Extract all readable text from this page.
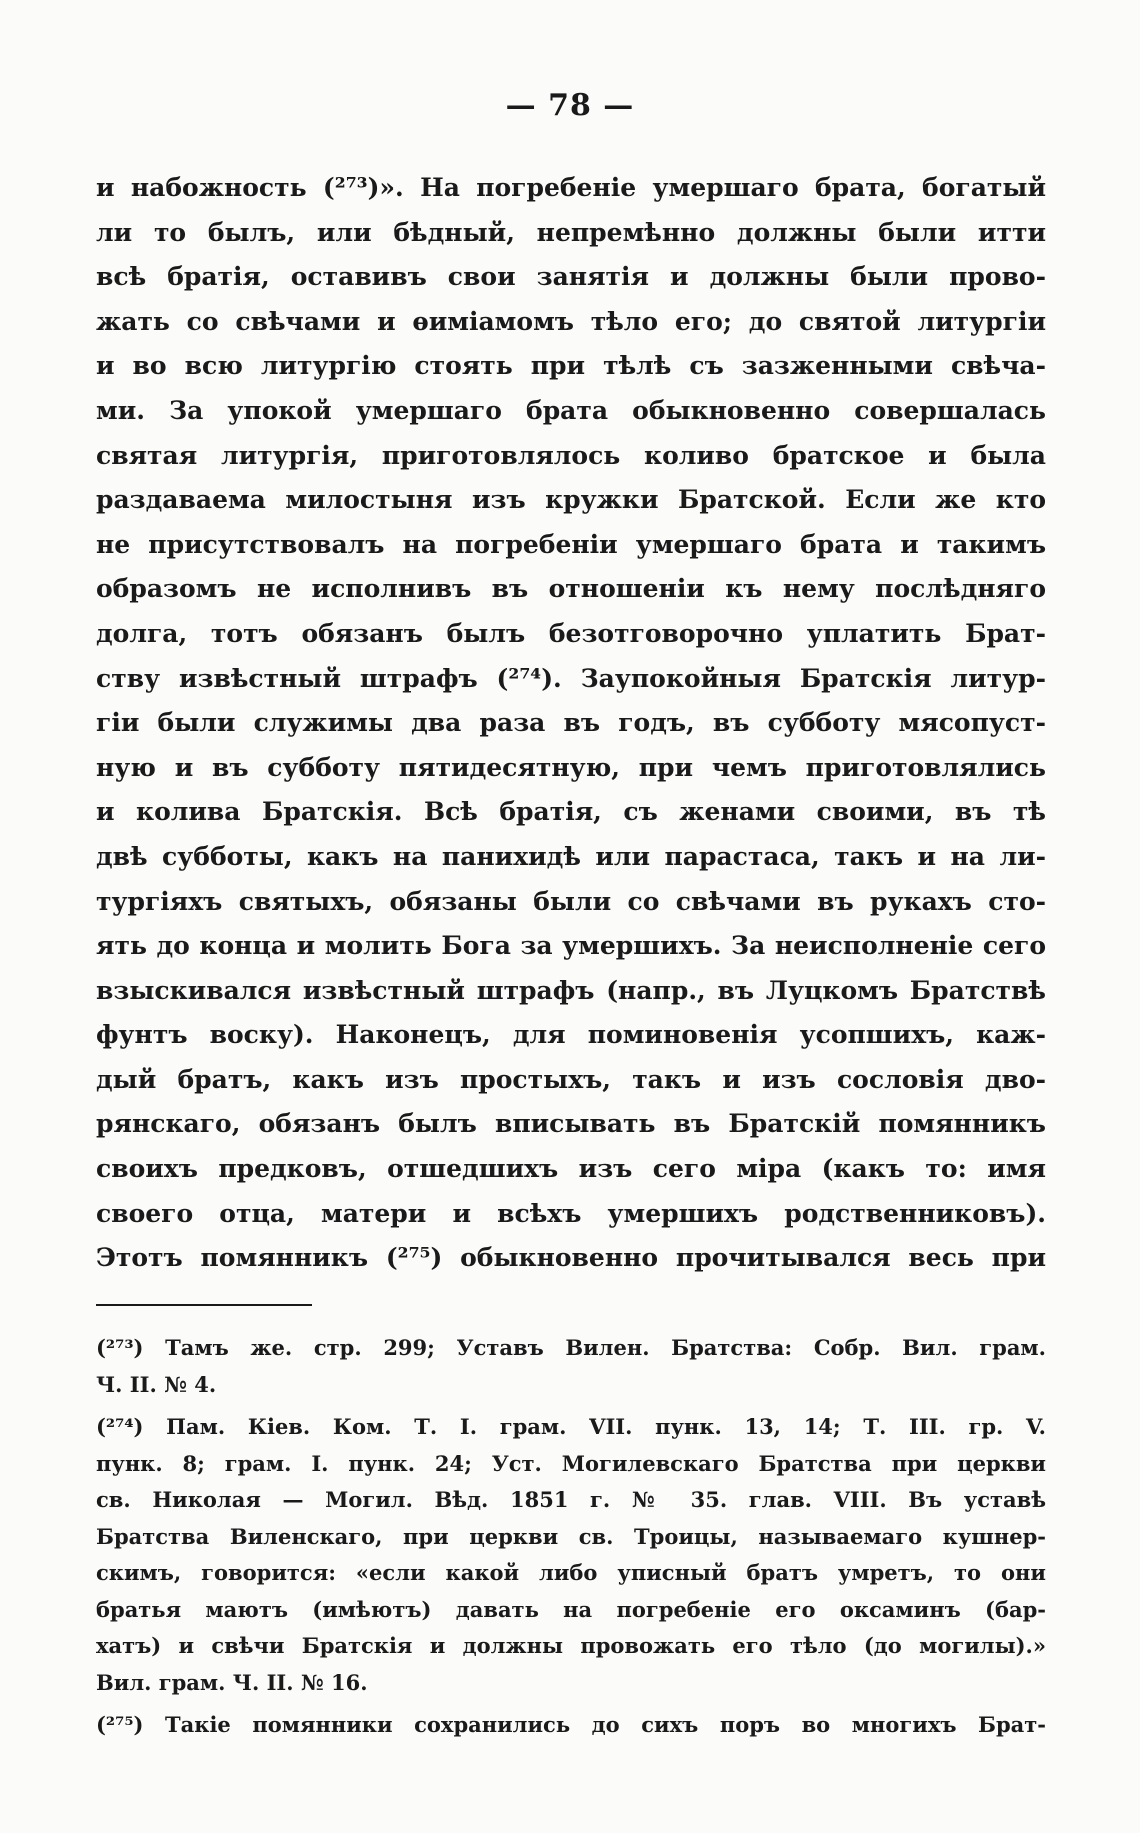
— 78 —
и набожность (²⁷³)». На погребеніе умершаго брата, богатый
ли то былъ, или бѣдный, непремѣнно должны были итти
всѣ братія, оставивъ свои занятія и должны были прово-
жать со свѣчами и ѳиміамомъ тѣло его; до святой литургіи
и во всю литургію стоять при тѣлѣ съ зазженными свѣча-
ми. За упокой умершаго брата обыкновенно совершалась
святая литургія, приготовлялось коливо братское и была
раздаваема милостыня изъ кружки Братской. Если же кто
не присутствовалъ на погребеніи умершаго брата и такимъ
образомъ не исполнивъ въ отношеніи къ нему послѣдняго
долга, тотъ обязанъ былъ безотговорочно уплатить Брат-
ству извѣстный штрафъ (²⁷⁴). Заупокойныя Братскія литур-
гіи были служимы два раза въ годъ, въ субботу мясопуст-
ную и въ субботу пятидесятную, при чемъ приготовлялись
и колива Братскія. Всѣ братія, съ женами своими, въ тѣ
двѣ субботы, какъ на панихидѣ или парастаса, такъ и на ли-
тургіяхъ святыхъ, обязаны были со свѣчами въ рукахъ сто-
ять до конца и молить Бога за умершихъ. За неисполненіе сего
взыскивался извѣстный штрафъ (напр., въ Луцкомъ Братствѣ
фунтъ воску). Наконецъ, для поминовенія усопшихъ, каж-
дый братъ, какъ изъ простыхъ, такъ и изъ сословія дво-
рянскаго, обязанъ былъ вписывать въ Братскій помянникъ
своихъ предковъ, отшедшихъ изъ сего міра (какъ то: имя
своего отца, матери и всѣхъ умершихъ родственниковъ).
Этотъ помянникъ (²⁷⁵) обыкновенно прочитывался весь при
(²⁷³) Тамъ же. стр. 299; Уставъ Вилен. Братства: Собр. Вил. грам.
Ч. II. № 4.
(²⁷⁴) Пам. Кiев. Ком. Т. I. грам. VII. пунк. 13, 14; Т. III. гр. V.
пунк. 8; грам. I. пунк. 24; Уст. Могилевскаго Братства при церкви
св. Николая — Могил. Вѣд. 1851 г. № 35. глав. VIII. Въ уставѣ
Братства Виленскаго, при церкви св. Троицы, называемаго кушнер-
скимъ, говорится: «если какой либо уписный братъ умретъ, то они
братья маютъ (имѣютъ) давать на погребеніе его оксаминъ (бар-
хатъ) и свѣчи Братскія и должны провожать его тѣло (до могилы).»
Вил. грам. Ч. II. № 16.
(²⁷⁵) Такіе помянники сохранились до сихъ поръ во многихъ Брат-
